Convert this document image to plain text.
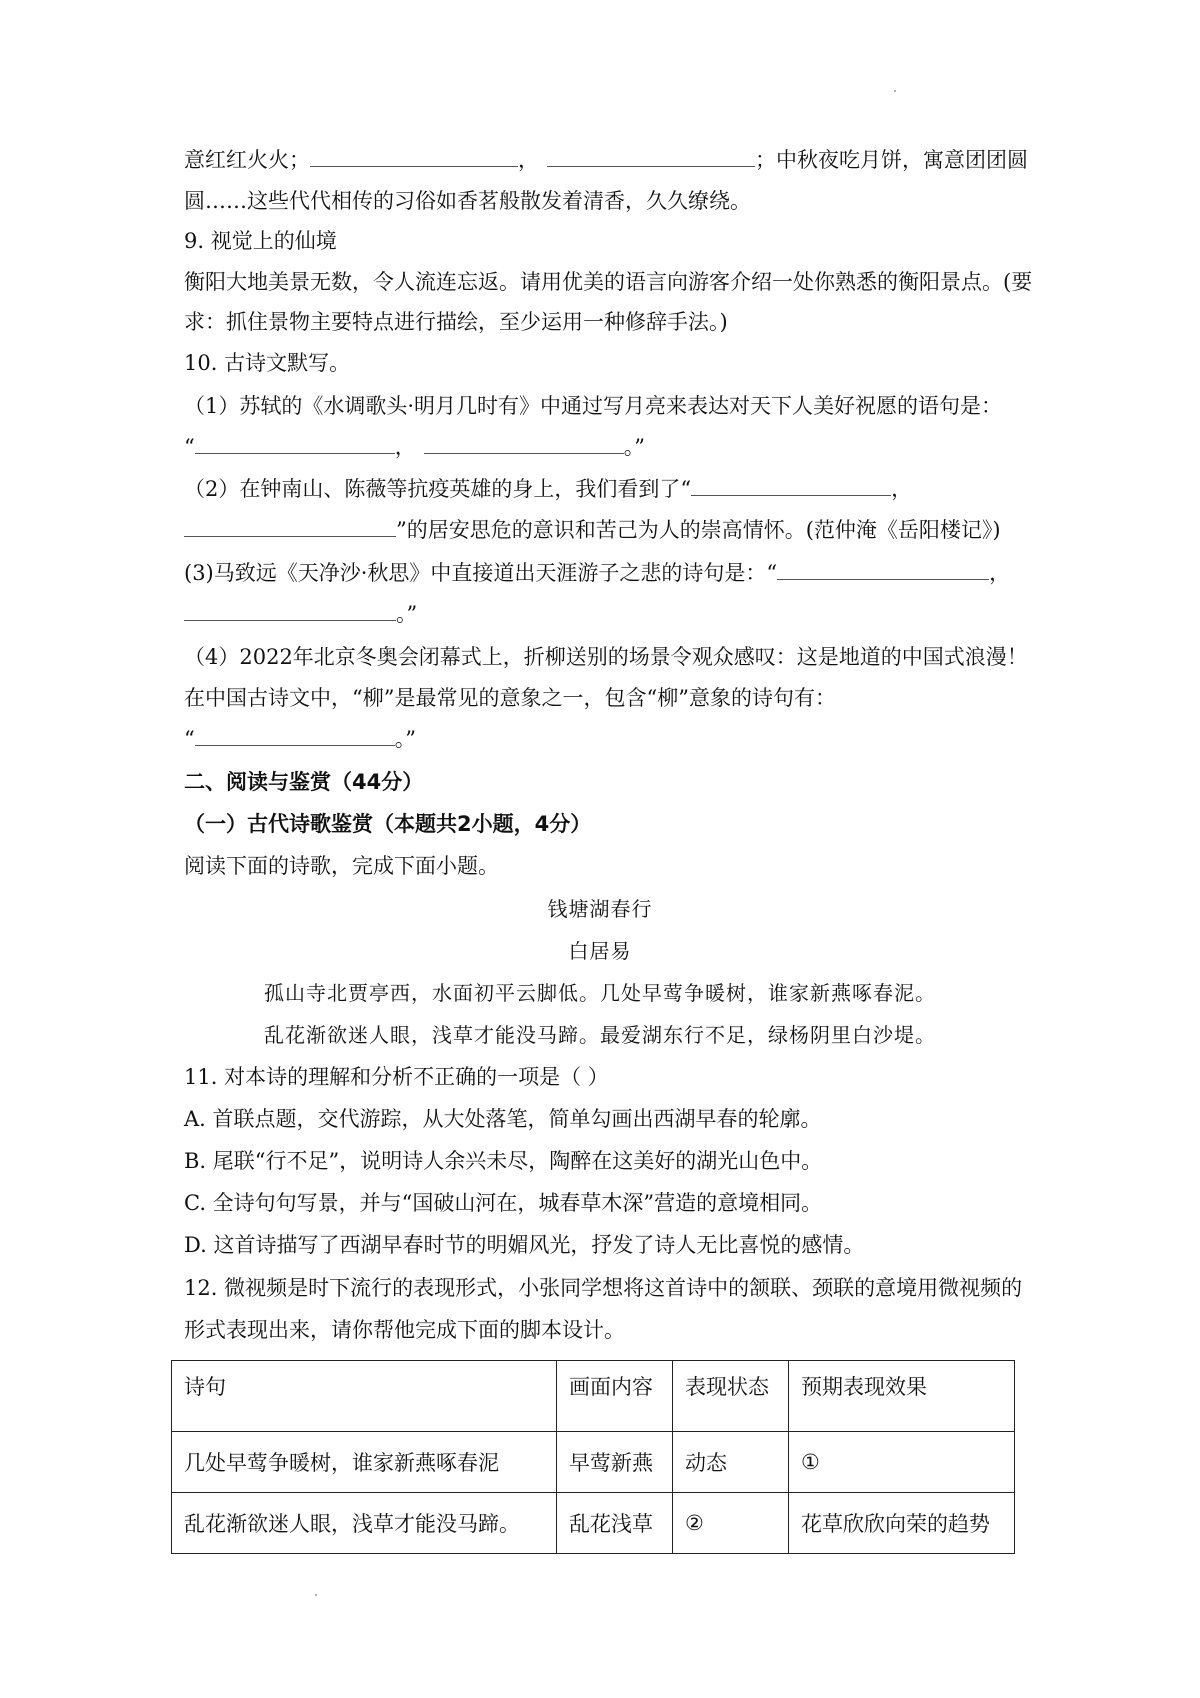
意红红火火；	，	；中秋夜吃月饼，寓意团团圆
圆……这些代代相传的习俗如香茗般散发着清香，久久缭绕。
9. 视觉上的仙境
衡阳大地美景无数，令人流连忘返。请用优美的语言向游客介绍一处你熟悉的衡阳景点。(要
求：抓住景物主要特点进行描绘，至少运用一种修辞手法。)
10. 古诗文默写。
（1）苏轼的《水调歌头·明月几时有》中通过写月亮来表达对天下人美好祝愿的语句是：
“	，	。”
（2）在钟南山、陈薇等抗疫英雄的身上，我们看到了“	，
”的居安思危的意识和苦己为人的崇高情怀。(范仲淹《岳阳楼记》)
(3)马致远《天净沙·秋思》中直接道出天涯游子之悲的诗句是：“	，
。”
（4）2022年北京冬奥会闭幕式上，折柳送别的场景令观众感叹：这是地道的中国式浪漫！
在中国古诗文中，“柳”是最常见的意象之一，包含“柳”意象的诗句有：
“	。”
二、阅读与鉴赏（44分）
（一）古代诗歌鉴赏（本题共2小题，4分）
阅读下面的诗歌，完成下面小题。
钱塘湖春行
白居易
孤山寺北贾亭西，水面初平云脚低。几处早莺争暖树，谁家新燕啄春泥。
乱花渐欲迷人眼，浅草才能没马蹄。最爱湖东行不足，绿杨阴里白沙堤。
11. 对本诗的理解和分析不正确的一项是（ ）
A. 首联点题，交代游踪，从大处落笔，简单勾画出西湖早春的轮廓。
B. 尾联“行不足”，说明诗人余兴未尽，陶醉在这美好的湖光山色中。
C. 全诗句句写景，并与“国破山河在，城春草木深”营造的意境相同。
D. 这首诗描写了西湖早春时节的明媚风光，抒发了诗人无比喜悦的感情。
12. 微视频是时下流行的表现形式，小张同学想将这首诗中的颔联、颈联的意境用微视频的
形式表现出来，请你帮他完成下面的脚本设计。
诗句	画面内容	表现状态	预期表现效果
几处早莺争暖树，谁家新燕啄春泥	早莺新燕	动态	①
乱花渐欲迷人眼，浅草才能没马蹄。	乱花浅草	②	花草欣欣向荣的趋势
